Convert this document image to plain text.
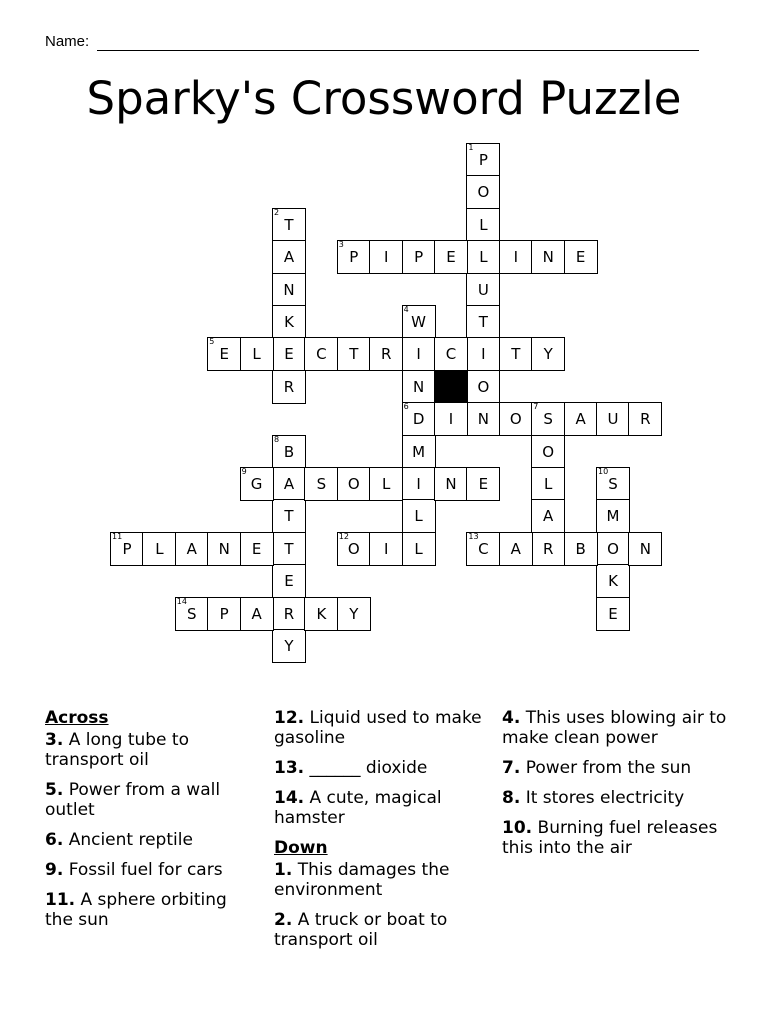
Name:
Sparky's Crossword Puzzle
1
P
O
L
L
U
T
I
O
N
2
T
A
N
K
E
R
3
P	I	P	E	I	N	E
4
W
I
N
6
D
M
I
L
L
5
E	L	C	T	R	C	T	Y
I	O
7
S	A	U	R
O
L
A
R
8
B
A
T
T
E
R
Y
9
G	S	O	L	N	E
10
S
M
O
K
E
11
P	L	A	N	E
12
O	I
13
C	A	B	N
14
S	P	A	K	Y
Across
3. A long tube to transport oil
5. Power from a wall outlet
6. Ancient reptile
9. Fossil fuel for cars
11. A sphere orbiting the sun
12. Liquid used to make gasoline
13. ______ dioxide
14. A cute, magical hamster
Down
1. This damages the environment
2. A truck or boat to transport oil
4. This uses blowing air to make clean power
7. Power from the sun
8. It stores electricity
10. Burning fuel releases this into the air
